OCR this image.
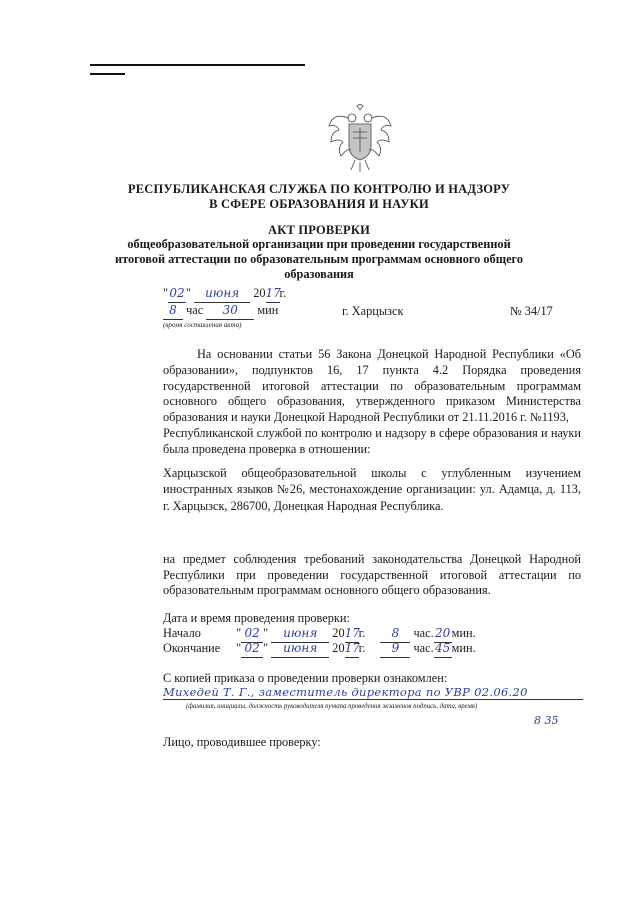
РЕСПУБЛИКАНСКАЯ СЛУЖБА ПО КОНТРОЛЮ И НАДЗОРУ
В СФЕРЕ ОБРАЗОВАНИЯ И НАУКИ
АКТ ПРОВЕРКИ
общеобразовательной организации при проведении государственной
итоговой аттестации по образовательным программам основного общего
образования
"02" июня 2017г.
8 час 30 мин
(время составления акта)
г. Харцызск	№ 34/17
На основании статьи 56 Закона Донецкой Народной Республики «Об образовании», подпунктов 16, 17 пункта 4.2 Порядка проведения государственной итоговой аттестации по образовательным программам основного общего образования, утвержденного приказом Министерства образования и науки Донецкой Народной Республики от 21.11.2016 г. №1193,
Республиканской службой по контролю и надзору в сфере образования и науки была проведена проверка в отношении:
Харцызской общеобразовательной школы с углубленным изучением иностранных языков №26, местонахождение организации: ул. Адамца, д. 113, г. Харцызск, 286700, Донецкая Народная Республика.
на предмет соблюдения требований законодательства Донецкой Народной Республики при проведении государственной итоговой аттестации по образовательным программам основного общего образования.
Дата и время проведения проверки:
Начало	" 02 " июня 2017г. 8 час.20мин.
Окончание " 02 " июня 2017г. 9 час.45мин.
С копией приказа о проведении проверки ознакомлен:
Михедей Т. Г., заместитель директора по УВР 02.06.20
(фамилия, инициалы, должность руководителя пункта проведения экзаменов подпись, дата, время)
8 35
Лицо, проводившее проверку:
